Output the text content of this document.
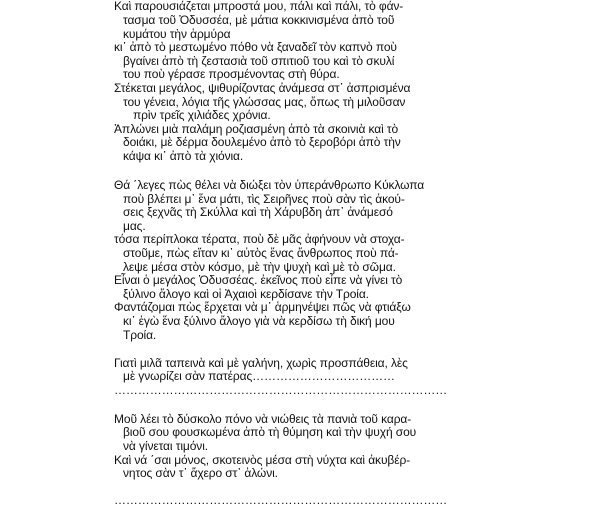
Καὶ παρουσιάζεται μπροστά μου, πάλι καὶ πάλι, τὸ φάν-

τασμα τοῦ Ὀδυσσέα, μὲ μάτια κοκκινισμένα ἀπὸ τοῦ

κυμάτου τὴν ἁρμύρα

κι᾽ ἀπὸ τὸ μεστωμένο πόθο νὰ ξαναδεῖ τὸν καπνὸ ποὺ

βγαίνει ἀπὸ τὴ ζεστασιὰ τοῦ σπιτιοῦ του καὶ τὸ σκυλί

του ποὺ γέρασε προσμένοντας στὴ θύρα.

Στέκεται μεγάλος, ψιθυρίζοντας ἀνάμεσα στ᾽ ἀσπρισμένα

του γένεια, λόγια τῆς γλώσσας μας, ὅπως τὴ μιλοῦσαν

πρὶν τρεῖς χιλιάδες χρόνια.

Ἁπλώνει μιὰ παλάμη ροζιασμένη ἀπὸ τὰ σκοινιὰ καὶ τὸ

δοιάκι, μὲ δέρμα δουλεμένο ἀπὸ τὸ ξεροβόρι ἀπὸ τὴν

κάψα κι᾽ ἀπὸ τὰ χιόνια.

Θά ΄λεγες πὼς θέλει νὰ διώξει τὸν ὑπεράνθρωπο Κύκλωπα

ποὺ βλέπει μ᾽ ἕνα μάτι, τὶς Σειρῆνες ποὺ σὰν τὶς ἀκού-

σεις ξεχνᾶς τὴ Σκύλλα καὶ τὴ Χάρυβδη ἀπ᾽ ἀνάμεσό

μας.

τόσα περίπλοκα τέρατα, ποὺ δὲ μᾶς ἀφήνουν νὰ στοχα-

στοῦμε, πὼς εἴταν κι᾽ αὐτὸς ἕνας ἄνθρωπος ποὺ πά-

λεψε μέσα στὸν κόσμο, μὲ τὴν ψυχὴ καὶ μὲ τὸ σῶμα.

Εἶναι ὁ μεγάλος Ὀδυσσέας. ἐκεῖνος ποὺ εἶπε νὰ γίνει τὸ

ξύλινο ἄλογο καὶ οἱ Ἀχαιοὶ κερδίσανε τὴν Τροία.

Φαντάζομαι πὼς ἔρχεται νὰ μ᾽ ἁρμηνέψει πῶς νὰ φτιάξω

κι᾽ ἐγὼ ἕνα ξύλινο ἄλογο γιὰ νὰ κερδίσω τὴ δική μου

Τροία.

Γιατὶ μιλᾶ ταπεινὰ καὶ μὲ γαλήνη, χωρὶς προσπάθεια, λὲς

μὲ γνωρίζει σὰν πατέρας………………………………

…………………………………………………………………………

Μοῦ λέει τὸ δύσκολο πόνο νὰ νιώθεις τὰ πανιὰ τοῦ καρα-

βιοῦ σου φουσκωμένα ἀπὸ τὴ θύμηση καὶ τὴν ψυχή σου

νὰ γίνεται τιμόνι.

Καὶ νά ΄σαι μόνος, σκοτεινὸς μέσα στὴ νύχτα καὶ ἀκυβέρ-

νητος σὰν τ᾽ ἄχερο στ᾽ ἁλώνι.

…………………………………………………………………………
